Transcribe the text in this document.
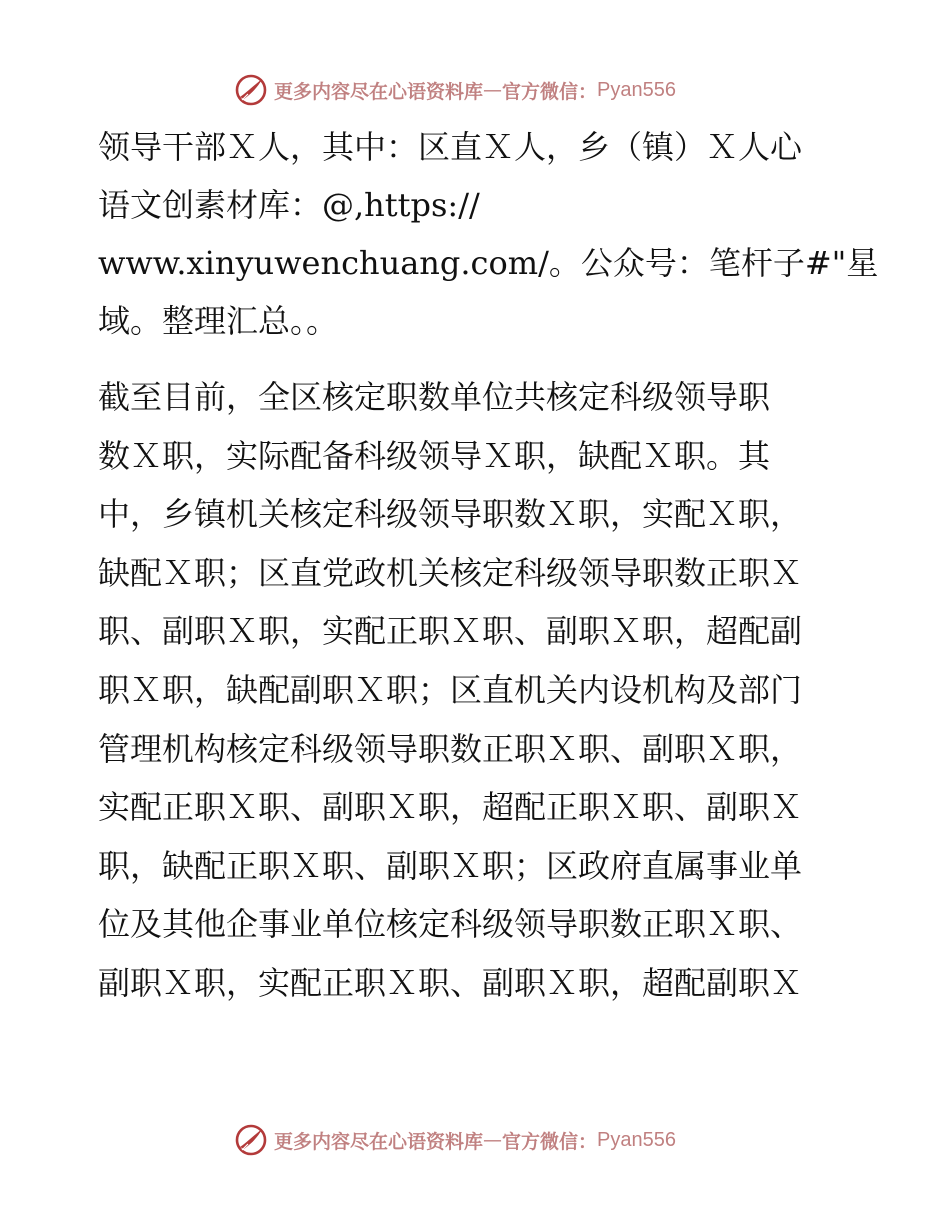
更多内容尽在心语资料库 — 官方微信： Pyan556
领导干部Ｘ人，其中：区直Ｘ人，乡（镇）Ｘ人心
语文创素材库：@,https://
www.xinyuwenchuang.com/。公众号：笔杆子#"星
域。整理汇总。。
截至目前，全区核定职数单位共核定科级领导职
数Ｘ职，实际配备科级领导Ｘ职，缺配Ｘ职。其
中，乡镇机关核定科级领导职数Ｘ职，实配Ｘ职，
缺配Ｘ职；区直党政机关核定科级领导职数正职Ｘ
职、副职Ｘ职，实配正职Ｘ职、副职Ｘ职，超配副
职Ｘ职，缺配副职Ｘ职；区直机关内设机构及部门
管理机构核定科级领导职数正职Ｘ职、副职Ｘ职，
实配正职Ｘ职、副职Ｘ职，超配正职Ｘ职、副职Ｘ
职，缺配正职Ｘ职、副职Ｘ职；区政府直属事业单
位及其他企事业单位核定科级领导职数正职Ｘ职、
副职Ｘ职，实配正职Ｘ职、副职Ｘ职，超配副职Ｘ
更多内容尽在心语资料库 — 官方微信： Pyan556
